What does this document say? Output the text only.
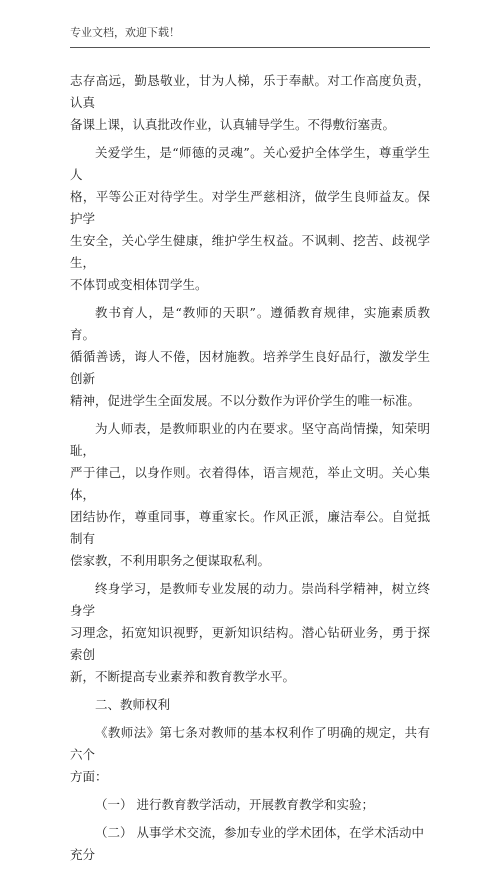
专业文档，欢迎下载！
志存高远，勤恳敬业，甘为人梯，乐于奉献。对工作高度负责，认真
备课上课，认真批改作业，认真辅导学生。不得敷衍塞责。
关爱学生，是“师德的灵魂”。关心爱护全体学生，尊重学生人
格，平等公正对待学生。对学生严慈相济，做学生良师益友。保护学
生安全，关心学生健康，维护学生权益。不讽刺、挖苦、歧视学生，
不体罚或变相体罚学生。
教书育人，是“教师的天职”。遵循教育规律，实施素质教育。
循循善诱，诲人不倦，因材施教。培养学生良好品行，激发学生创新
精神，促进学生全面发展。不以分数作为评价学生的唯一标准。
为人师表，是教师职业的内在要求。坚守高尚情操，知荣明耻，
严于律己，以身作则。衣着得体，语言规范，举止文明。关心集体，
团结协作，尊重同事，尊重家长。作风正派，廉洁奉公。自觉抵制有
偿家教，不利用职务之便谋取私利。
终身学习，是教师专业发展的动力。崇尚科学精神，树立终身学
习理念，拓宽知识视野，更新知识结构。潜心钻研业务，勇于探索创
新，不断提高专业素养和教育教学水平。
二、教师权利
《教师法》第七条对教师的基本权利作了明确的规定，共有六个
方面：
（一） 进行教育教学活动，开展教育教学和实验；
（二） 从事学术交流，参加专业的学术团体，在学术活动中充分
